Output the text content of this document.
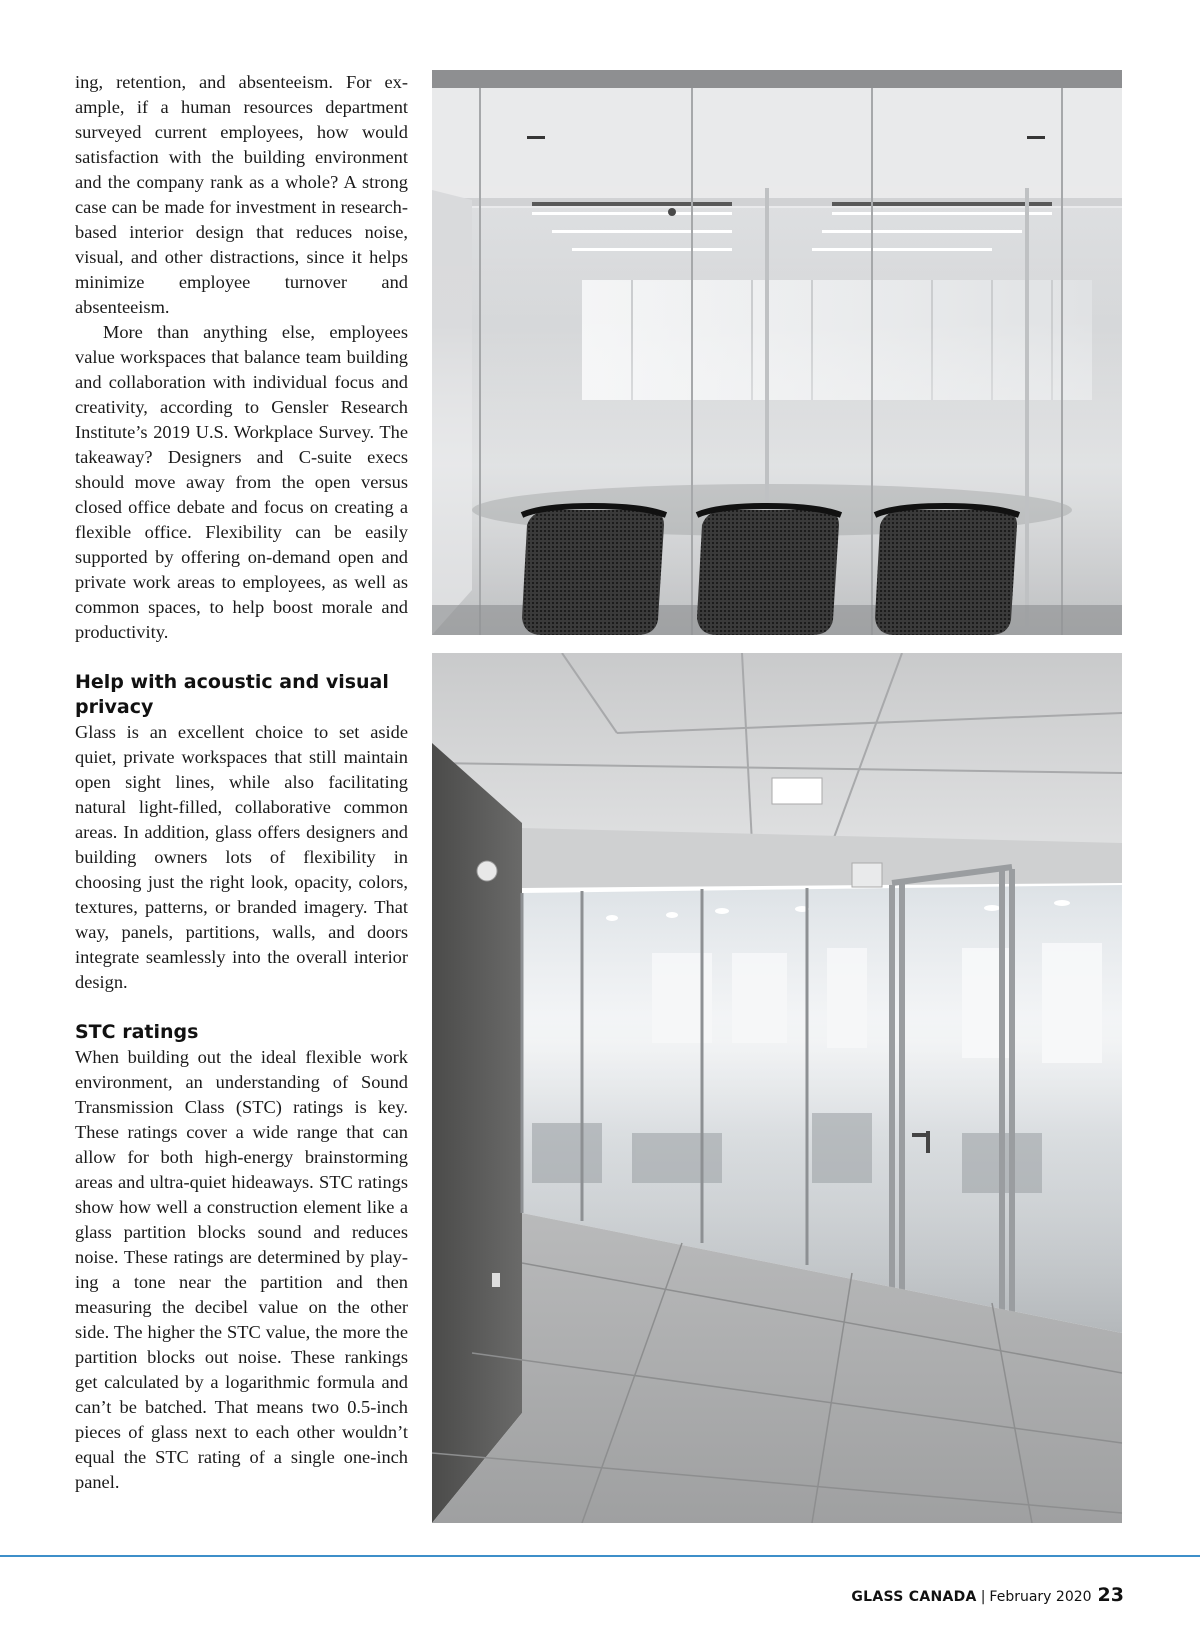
ing, retention, and absenteeism. For example, if a human resources department surveyed current employees, how would satisfaction with the building environment and the company rank as a whole? A strong case can be made for investment in research-based interior design that reduces noise, visual, and other distractions, since it helps minimize employee turnover and absenteeism.

More than anything else, employees value workspaces that balance team building and collaboration with individual focus and creativity, according to Gensler Research Institute’s 2019 U.S. Workplace Survey. The takeaway? Designers and C-suite execs should move away from the open versus closed office debate and focus on creating a flexible office. Flexibility can be easily supported by offering on-demand open and private work areas to employees, as well as common spaces, to help boost morale and productivity.

Help with acoustic and visual privacy

Glass is an excellent choice to set aside quiet, private workspaces that still maintain open sight lines, while also facilitating natural light-filled, collaborative common areas. In addition, glass offers designers and building owners lots of flexibility in choosing just the right look, opacity, colors, textures, patterns, or branded imagery. That way, panels, partitions, walls, and doors integrate seamlessly into the overall interior design.

STC ratings

When building out the ideal flexible work environment, an understanding of Sound Transmission Class (STC) ratings is key. These ratings cover a wide range that can allow for both high-energy brainstorming areas and ultra-quiet hideaways. STC ratings show how well a construction element like a glass partition blocks sound and reduces noise. These ratings are determined by playing a tone near the partition and then measuring the decibel value on the other side. The higher the STC value, the more the partition blocks out noise. These rankings get calculated by a logarithmic formula and can’t be batched. That means two 0.5-inch pieces of glass next to each other wouldn’t equal the STC rating of a single one-inch panel.

GLASS CANADA | February 2020 23
